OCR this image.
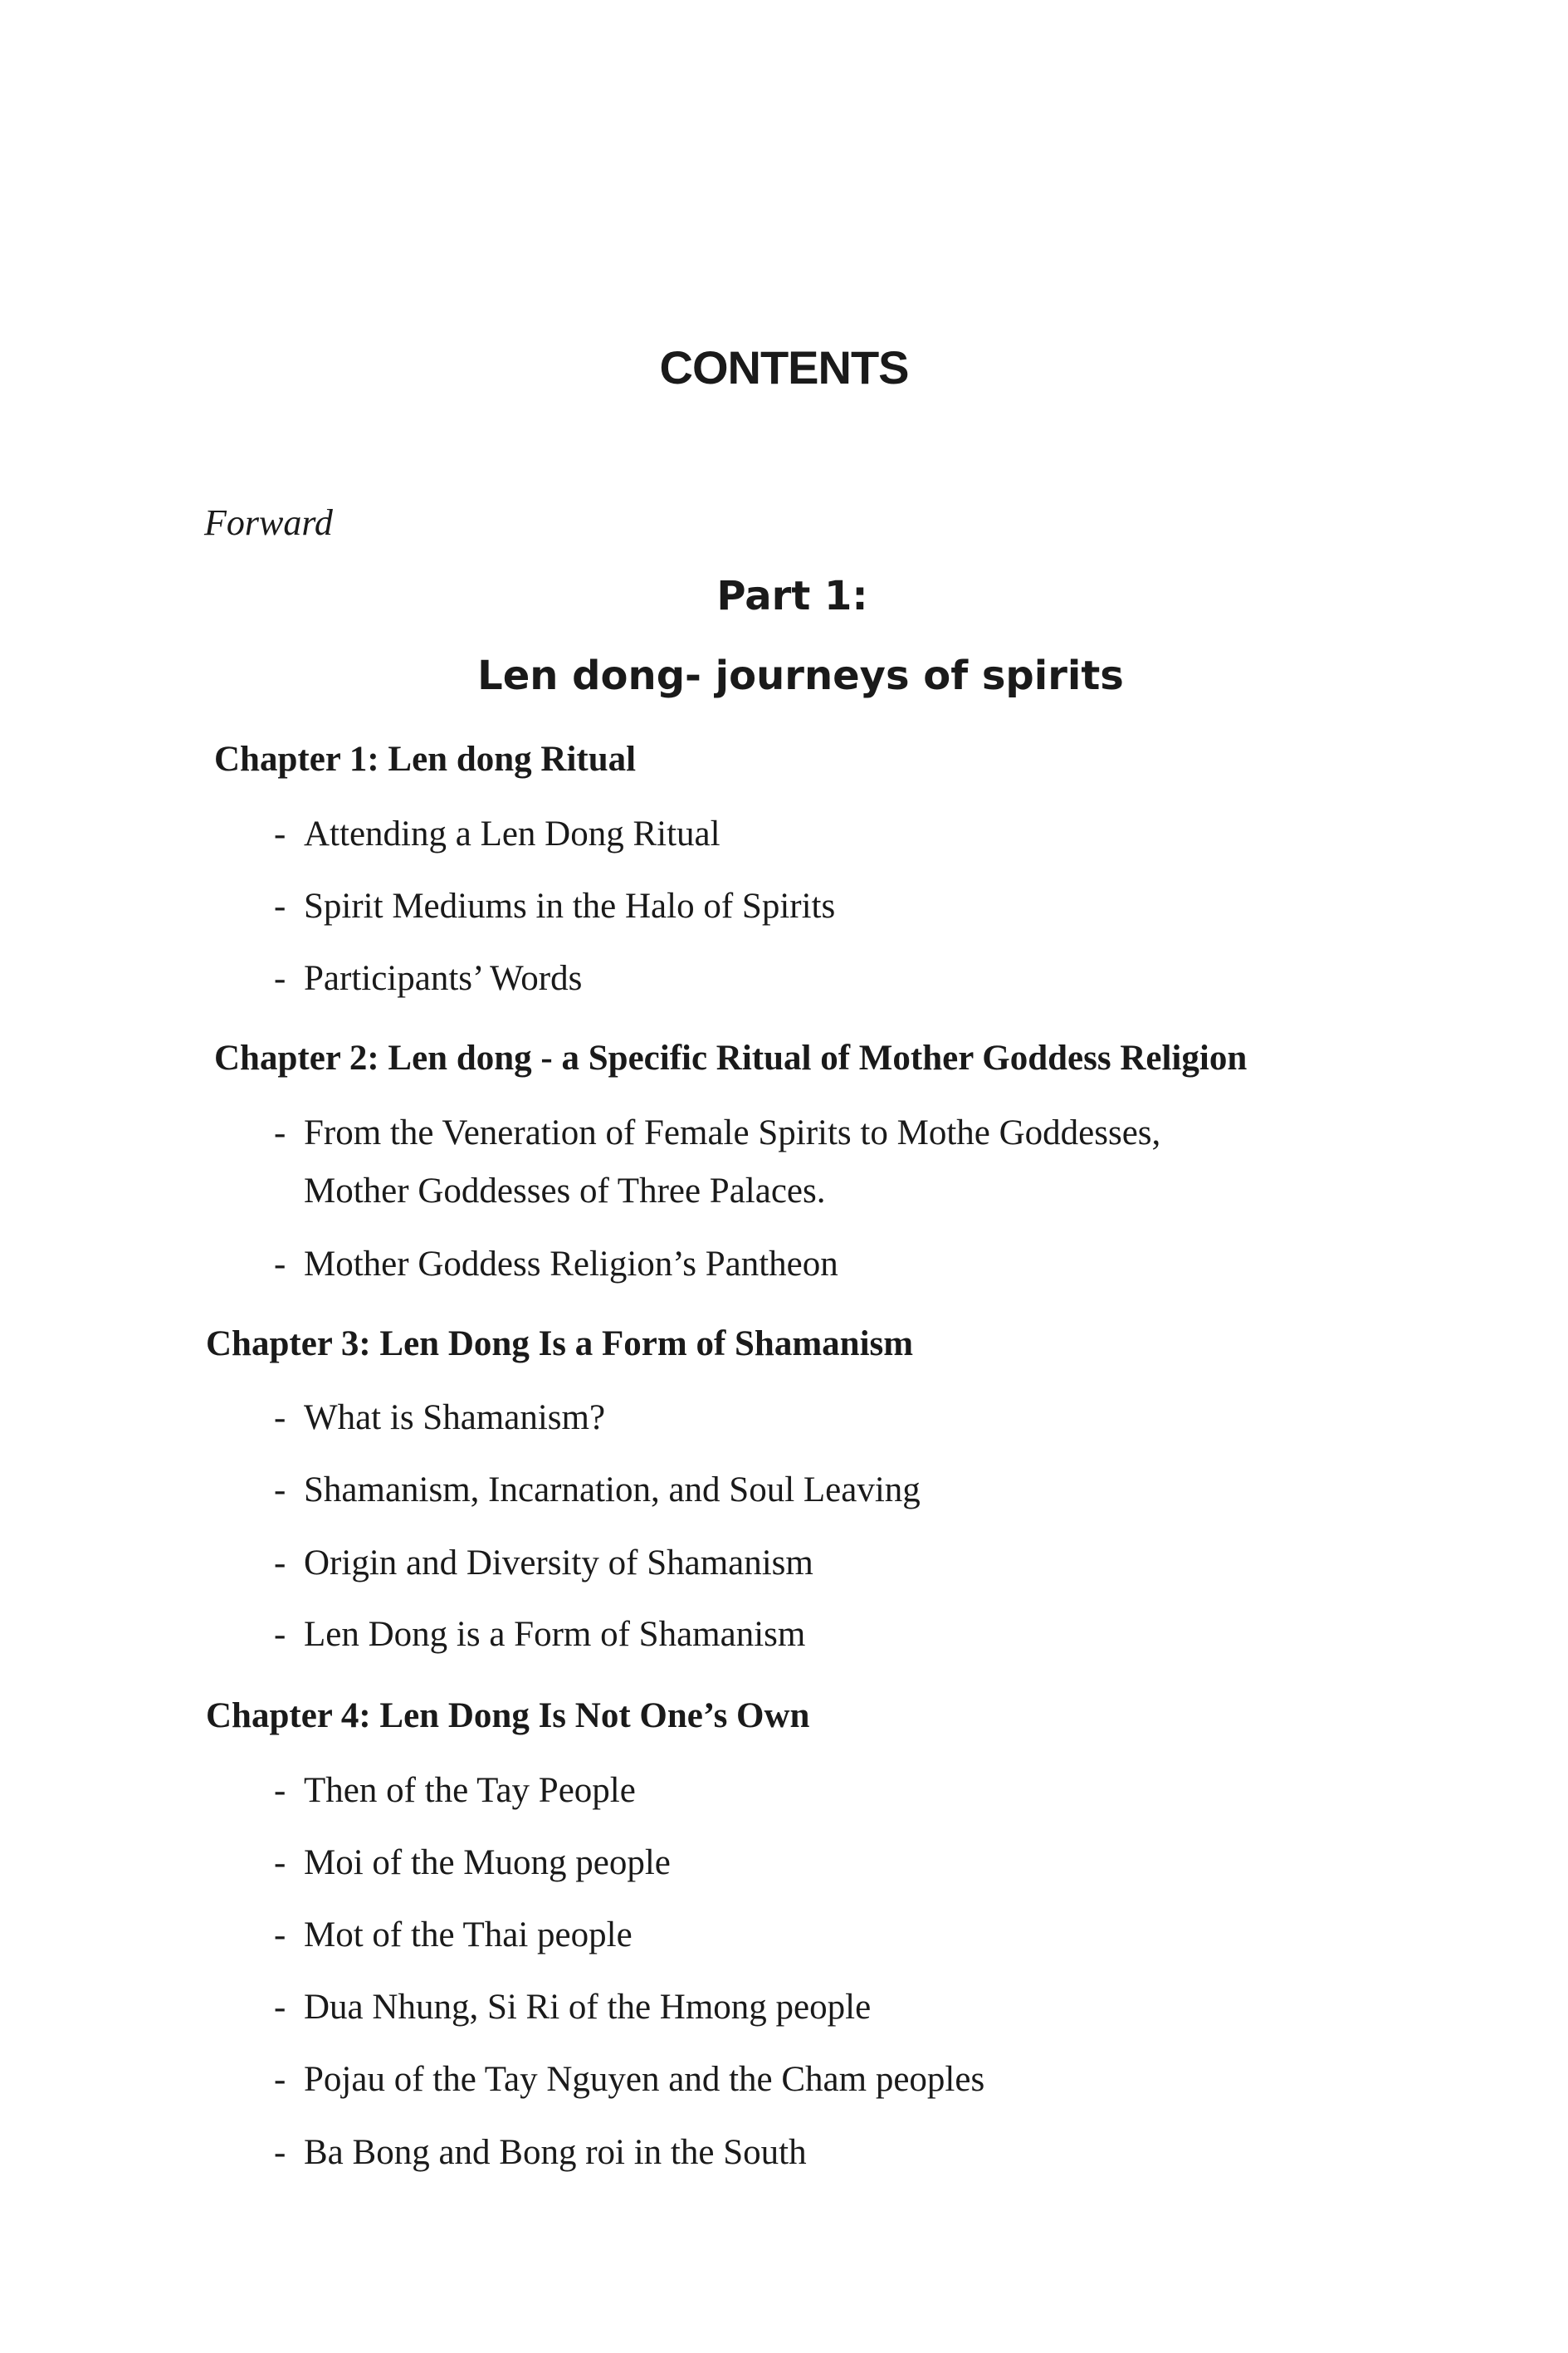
CONTENTS

Forward

Part 1:
Len dong- journeys of spirits

Chapter 1: Len dong Ritual

- Attending a Len Dong Ritual

- Spirit Mediums in the Halo of Spirits

- Participants’ Words

Chapter 2: Len dong - a Specific Ritual of Mother Goddess Religion

- From the Veneration of Female Spirits to Mothe Goddesses,
Mother Goddesses of Three Palaces.

- Mother Goddess Religion’s Pantheon

Chapter 3: Len Dong Is a Form of Shamanism

- What is Shamanism?

- Shamanism, Incarnation, and Soul Leaving

- Origin and Diversity of Shamanism

- Len Dong is a Form of Shamanism

Chapter 4: Len Dong Is Not One’s Own

- Then of the Tay People

- Moi of the Muong people

- Mot of the Thai people

- Dua Nhung, Si Ri of the Hmong people

- Pojau of the Tay Nguyen and the Cham peoples

- Ba Bong and Bong roi in the South
